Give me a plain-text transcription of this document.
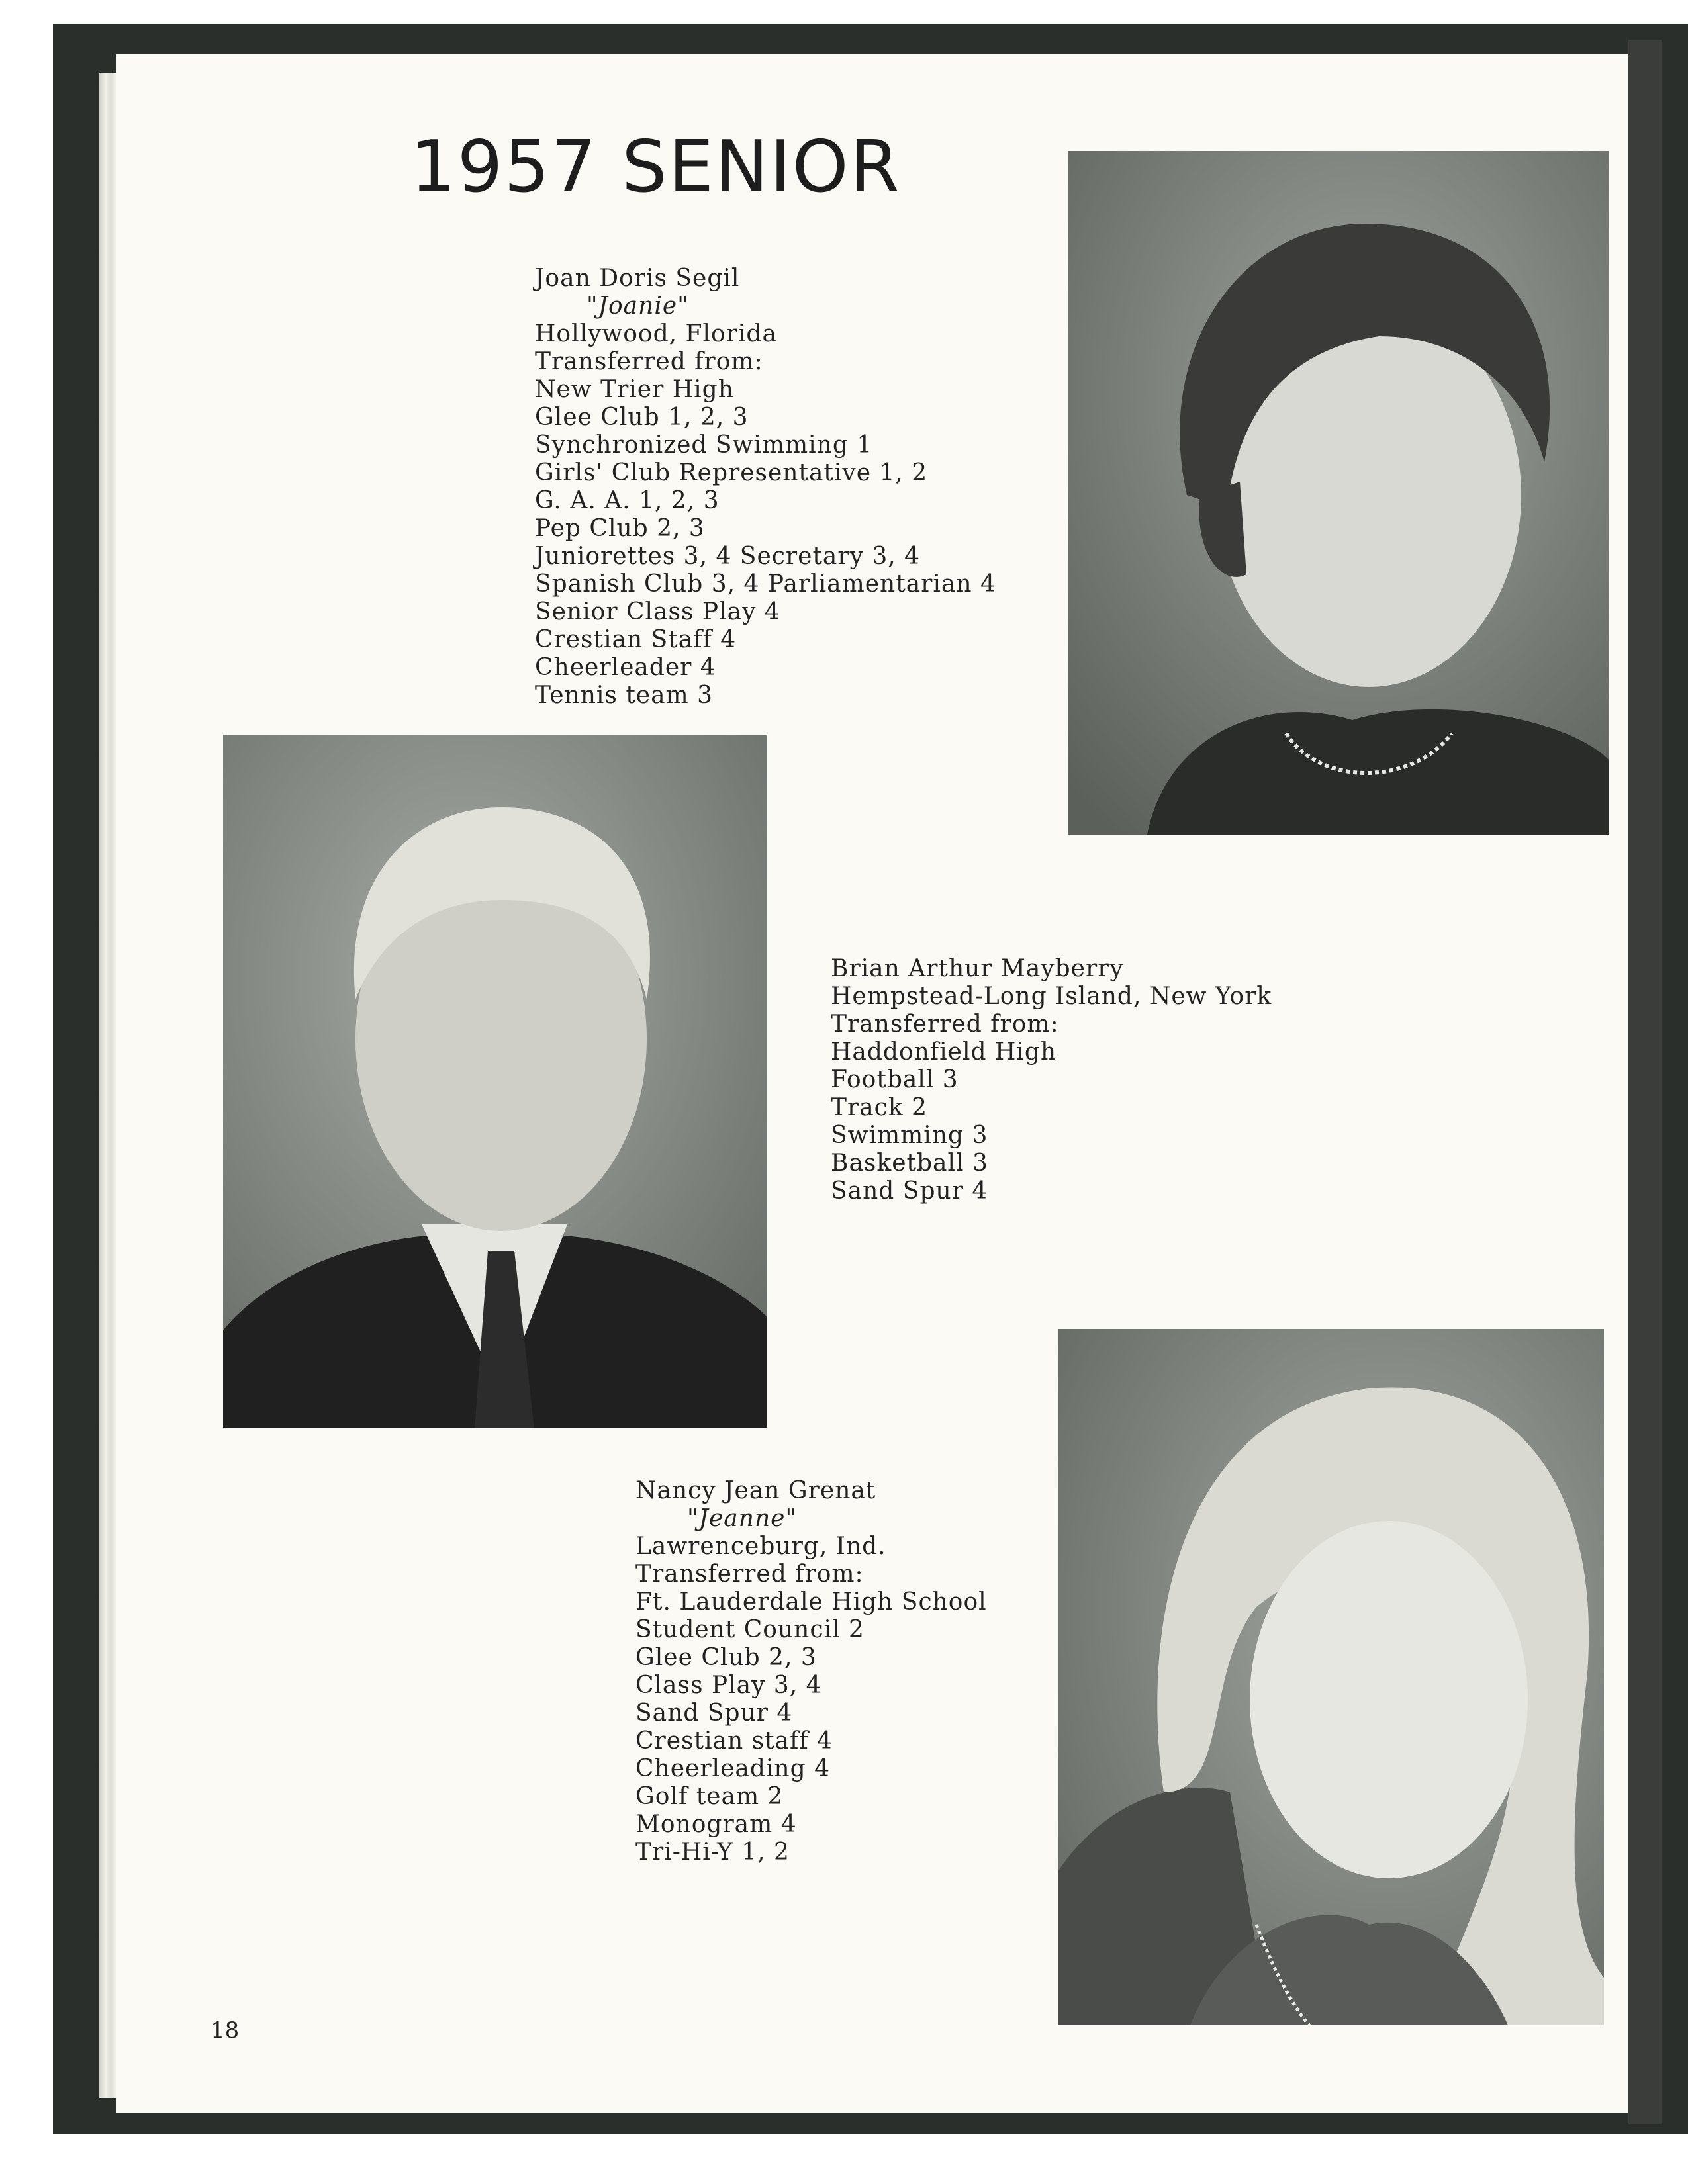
1957 SENIOR
Joan Doris Segil
"Joanie"
Hollywood, Florida
Transferred from:
New Trier High
Glee Club 1, 2, 3
Synchronized Swimming 1
Girls' Club Representative 1, 2
G. A. A. 1, 2, 3
Pep Club 2, 3
Juniorettes 3, 4 Secretary 3, 4
Spanish Club 3, 4 Parliamentarian 4
Senior Class Play 4
Crestian Staff 4
Cheerleader 4
Tennis team 3
Brian Arthur Mayberry
Hempstead-Long Island, New York
Transferred from:
Haddonfield High
Football 3
Track 2
Swimming 3
Basketball 3
Sand Spur 4
Nancy Jean Grenat
"Jeanne"
Lawrenceburg, Ind.
Transferred from:
Ft. Lauderdale High School
Student Council 2
Glee Club 2, 3
Class Play 3, 4
Sand Spur 4
Crestian staff 4
Cheerleading 4
Golf team 2
Monogram 4
Tri-Hi-Y 1, 2
18
